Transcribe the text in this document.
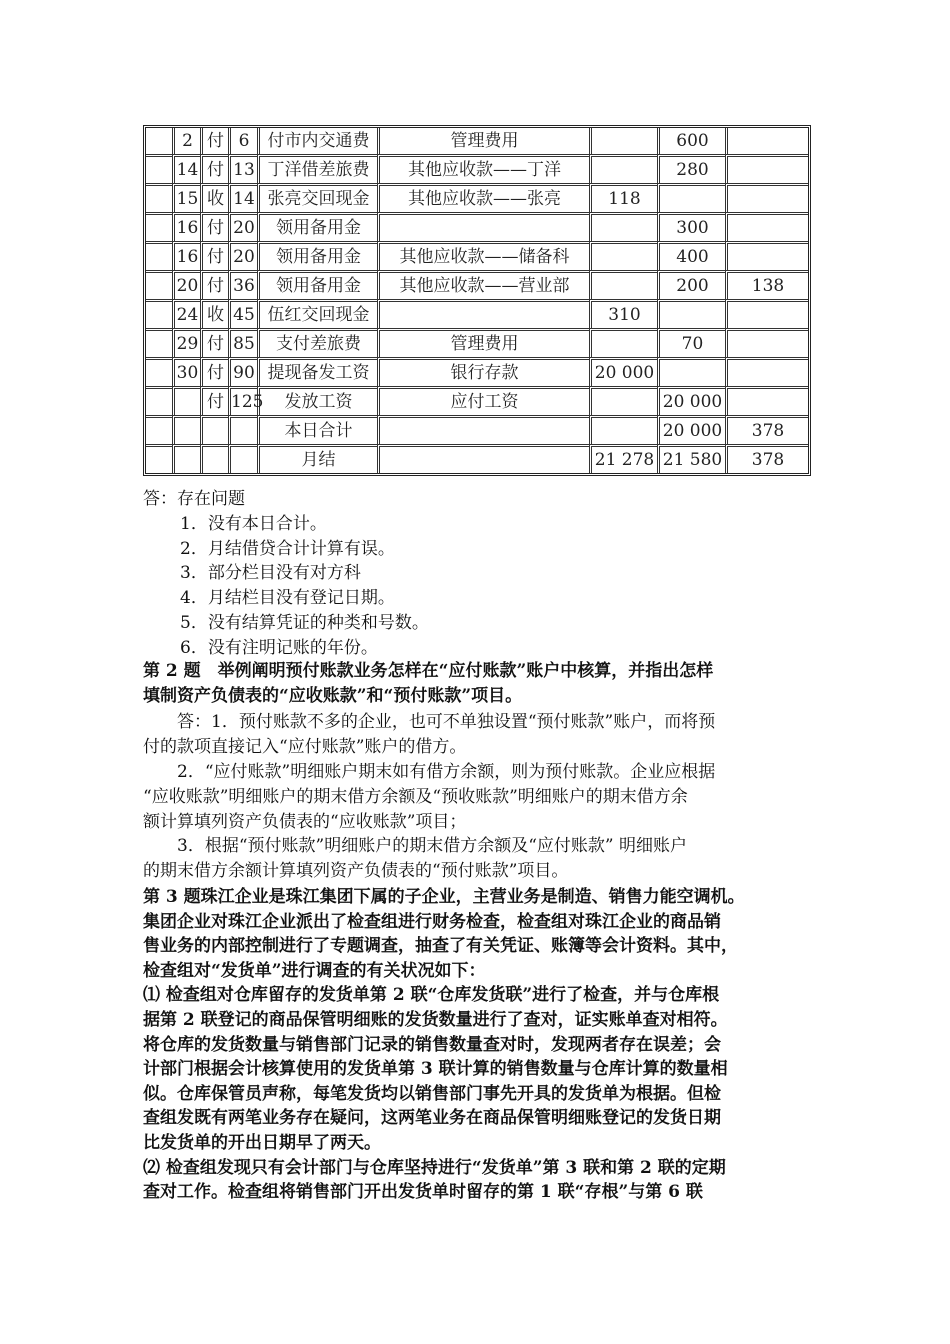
	2	付	6	付市内交通费	管理费用		600	
	14	付	13	丁洋借差旅费	其他应收款——丁洋		280	
	15	收	14	张亮交回现金	其他应收款——张亮	118		
	16	付	20	领用备用金			300	
	16	付	20	领用备用金	其他应收款——储备科		400	
	20	付	36	领用备用金	其他应收款——营业部		200	138
	24	收	45	伍红交回现金		310		
	29	付	85	支付差旅费	管理费用		70	
	30	付	90	提现备发工资	银行存款	20 000		
		付	125	发放工资	应付工资		20 000	
				本日合计			20 000	378
				月结		21 278	21 580	378
答：存在问题
1．没有本日合计。
2．月结借贷合计计算有误。
3．部分栏目没有对方科
4．月结栏目没有登记日期。
5．没有结算凭证的种类和号数。
6．没有注明记账的年份。
第 2 题　举例阐明预付账款业务怎样在“应付账款”账户中核算，并指出怎样
填制资产负债表的“应收账款”和“预付账款”项目。
答：1．预付账款不多的企业，也可不单独设置“预付账款”账户，而将预
付的款项直接记入“应付账款”账户的借方。
2．“应付账款”明细账户期末如有借方余额，则为预付账款。企业应根据
“应收账款”明细账户的期末借方余额及“预收账款”明细账户的期末借方余
额计算填列资产负债表的“应收账款”项目；
3．根据“预付账款”明细账户的期末借方余额及“应付账款” 明细账户
的期末借方余额计算填列资产负债表的“预付账款”项目。
第 3 题珠江企业是珠江集团下属的子企业，主营业务是制造、销售力能空调机。
集团企业对珠江企业派出了检查组进行财务检查，检查组对珠江企业的商品销
售业务的内部控制进行了专题调查，抽查了有关凭证、账簿等会计资料。其中，
检查组对“发货单”进行调查的有关状况如下：
⑴ 检查组对仓库留存的发货单第 2 联“仓库发货联”进行了检查，并与仓库根
据第 2 联登记的商品保管明细账的发货数量进行了查对，证实账单查对相符。
将仓库的发货数量与销售部门记录的销售数量查对时，发现两者存在误差；会
计部门根据会计核算使用的发货单第 3 联计算的销售数量与仓库计算的数量相
似。仓库保管员声称，每笔发货均以销售部门事先开具的发货单为根据。但检
查组发既有两笔业务存在疑问，这两笔业务在商品保管明细账登记的发货日期
比发货单的开出日期早了两天。
⑵ 检查组发现只有会计部门与仓库坚持进行“发货单”第 3 联和第 2 联的定期
查对工作。检查组将销售部门开出发货单时留存的第 1 联“存根”与第 6 联
